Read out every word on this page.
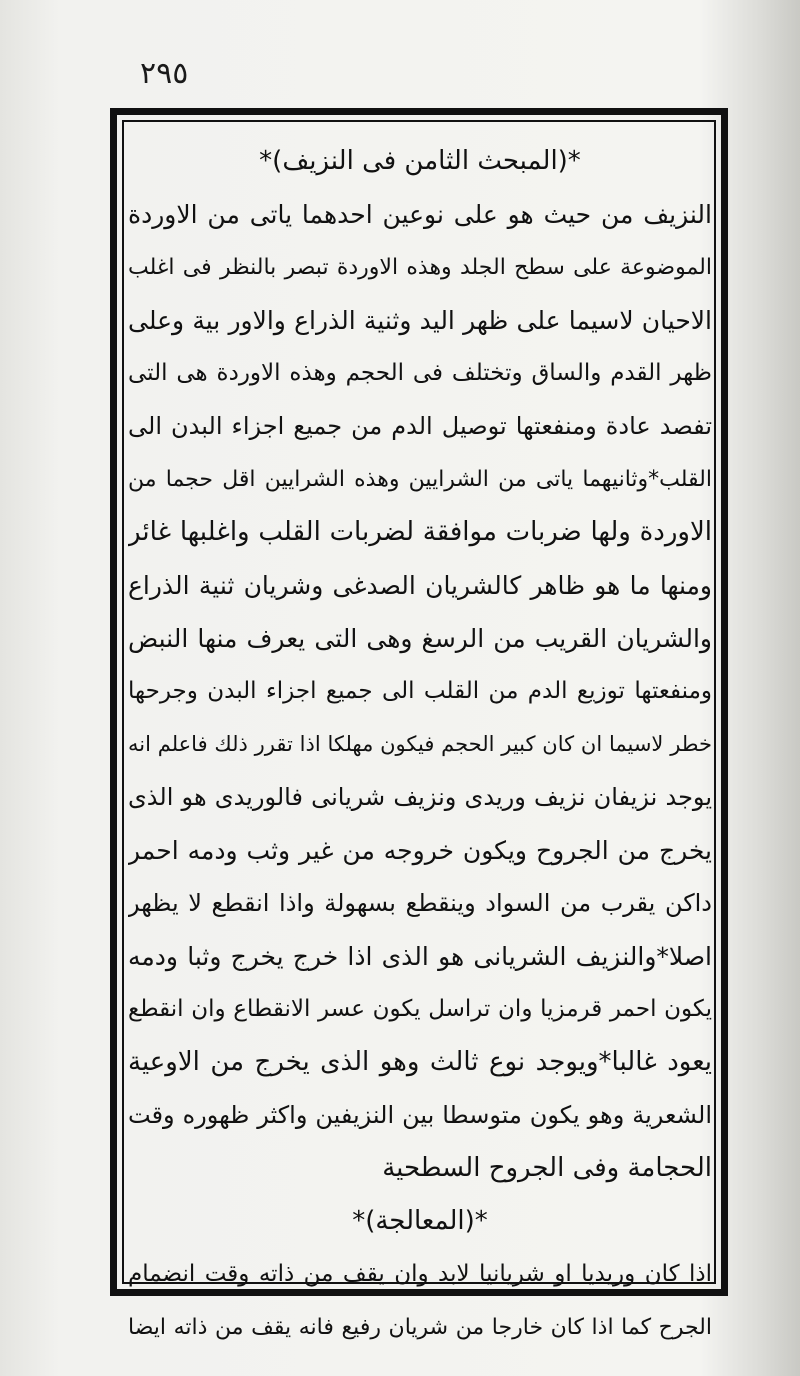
٢٩٥
*(المبحث الثامن فى النزيف)*
النزيف من حيث هو على نوعين احدهما ياتى من الاوردة
الموضوعة على سطح الجلد وهذه الاوردة تبصر بالنظر فى اغلب
الاحيان لاسيما على ظهر اليد وثنية الذراع والاور بية وعلى
ظهر القدم والساق وتختلف فى الحجم وهذه الاوردة هى التى
تفصد عادة ومنفعتها توصيل الدم من جميع اجزاء البدن الى
القلب*وثانيهما ياتى من الشرايين وهذه الشرايين اقل حجما من
الاوردة ولها ضربات موافقة لضربات القلب واغلبها غائر
ومنها ما هو ظاهر كالشريان الصدغى وشريان ثنية الذراع
والشريان القريب من الرسغ وهى التى يعرف منها النبض
ومنفعتها توزيع الدم من القلب الى جميع اجزاء البدن وجرحها
خطر لاسيما ان كان كبير الحجم فيكون مهلكا اذا تقرر ذلك فاعلم انه
يوجد نزيفان نزيف وريدى ونزيف شريانى فالوريدى هو الذى
يخرج من الجروح ويكون خروجه من غير وثب ودمه احمر
داكن يقرب من السواد وينقطع بسهولة واذا انقطع لا يظهر
اصلا*والنزيف الشريانى هو الذى اذا خرج يخرج وثبا ودمه
يكون احمر قرمزيا وان تراسل يكون عسر الانقطاع وان انقطع
يعود غالبا*ويوجد نوع ثالث وهو الذى يخرج من الاوعية
الشعرية وهو يكون متوسطا بين النزيفين واكثر ظهوره وقت
الحجامة وفى الجروح السطحية
*(المعالجة)*
اذا كان وريديا او شريانيا لابد وان يقف من ذاته وقت انضمام
الجرح كما اذا كان خارجا من شريان رفيع فانه يقف من ذاته ايضا
